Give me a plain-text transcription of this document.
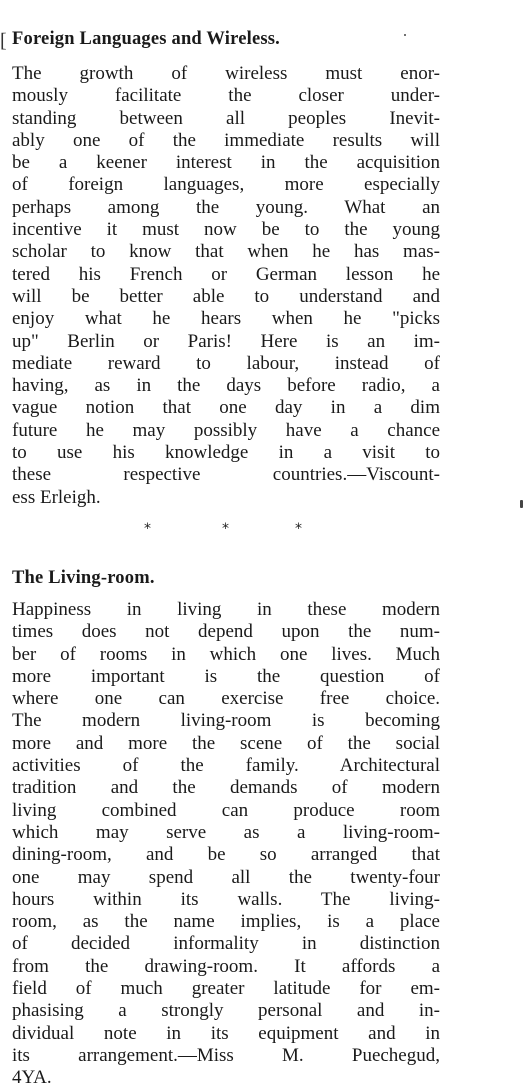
[ Foreign Languages and Wireless.
The growth of wireless must enor-
mously facilitate the closer under-
standing between all peoples Inevit-
ably one of the immediate results will
be a keener interest in the acquisition
of foreign languages, more especially
perhaps among the young. What an
incentive it must now be to the young
scholar to know that when he has mas-
tered his French or German lesson he
will be better able to understand and
enjoy what he hears when he "picks
up" Berlin or Paris! Here is an im-
mediate reward to labour, instead of
having, as in the days before radio, a
vague notion that one day in a dim
future he may possibly have a chance
to use his knowledge in a visit to
these respective countries.—Viscount-
ess Erleigh.
*	*	*
The Living-room.
Happiness in living in these modern
times does not depend upon the num-
ber of rooms in which one lives. Much
more important is the question of
where one can exercise free choice.
The modern living-room is becoming
more and more the scene of the social
activities of the family. Architectural
tradition and the demands of modern
living combined can produce room
which may serve as a living-room-
dining-room, and be so arranged that
one may spend all the twenty-four
hours within its walls. The living-
room, as the name implies, is a place
of decided informality in distinction
from the drawing-room. It affords a
field of much greater latitude for em-
phasising a strongly personal and in-
dividual note in its equipment and in
its arrangement.—Miss M. Puechegud,
4YA.
